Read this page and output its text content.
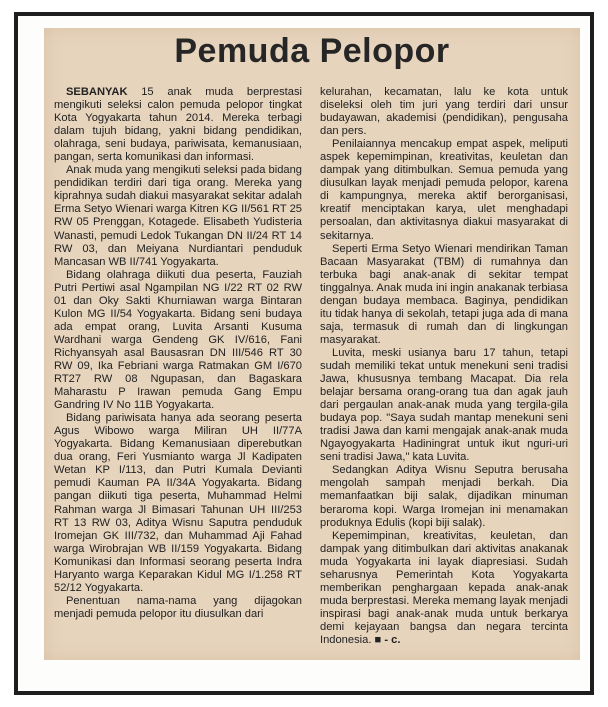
Pemuda Pelopor

SEBANYAK 15 anak muda berprestasi mengikuti seleksi calon pemuda pelopor tingkat Kota Yogyakarta tahun 2014. Mereka terbagi dalam tujuh bidang, yakni bidang pendidikan, olahraga, seni budaya, pariwisata, kemanusiaan, pangan, serta komunikasi dan informasi.

Anak muda yang mengikuti seleksi pada bidang pendidikan terdiri dari tiga orang. Mereka yang kiprahnya sudah diakui masyarakat sekitar adalah Erma Setyo Wienari warga Kitren KG II/561 RT 25 RW 05 Prenggan, Kotagede. Elisabeth Yudisteria Wanasti, pemudi Ledok Tukangan DN II/24 RT 14 RW 03, dan Meiyana Nurdiantari penduduk Mancasan WB II/741 Yogyakarta.

Bidang olahraga diikuti dua peserta, Fauziah Putri Pertiwi asal Ngampilan NG I/22 RT 02 RW 01 dan Oky Sakti Khurniawan warga Bintaran Kulon MG II/54 Yogyakarta. Bidang seni budaya ada empat orang, Luvita Arsanti Kusuma Wardhani warga Gendeng GK IV/616, Fani Richyansyah asal Bausasran DN III/546 RT 30 RW 09, Ika Febriani warga Ratmakan GM I/670 RT27 RW 08 Ngupasan, dan Bagaskara Maharastu P Irawan pemuda Gang Empu Gandring IV No 11B Yogyakarta.

Bidang pariwisata hanya ada seorang peserta Agus Wibowo warga Miliran UH II/77A Yogyakarta. Bidang Kemanusiaan diperebutkan dua orang, Feri Yusmianto warga Jl Kadipaten Wetan KP I/113, dan Putri Kumala Devianti pemudi Kauman PA II/34A Yogyakarta. Bidang pangan diikuti tiga peserta, Muhammad Helmi Rahman warga Jl Bimasari Tahunan UH III/253 RT 13 RW 03, Aditya Wisnu Saputra penduduk Iromejan GK III/732, dan Muhammad Aji Fahad warga Wirobrajan WB II/159 Yogyakarta. Bidang Komunikasi dan Informasi seorang peserta Indra Haryanto warga Keparakan Kidul MG I/1.258 RT 52/12 Yogyakarta.

Penentuan nama-nama yang dijagokan menjadi pemuda pelopor itu diusulkan dari

kelurahan, kecamatan, lalu ke kota untuk diseleksi oleh tim juri yang terdiri dari unsur budayawan, akademisi (pendidikan), pengusaha dan pers.

Penilaiannya mencakup empat aspek, meliputi aspek kepemimpinan, kreativitas, keuletan dan dampak yang ditimbulkan. Semua pemuda yang diusulkan layak menjadi pemuda pelopor, karena di kampungnya, mereka aktif berorganisasi, kreatif menciptakan karya, ulet menghadapi persoalan, dan aktivitasnya diakui masyarakat di sekitarnya.

Seperti Erma Setyo Wienari mendirikan Taman Bacaan Masyarakat (TBM) di rumahnya dan terbuka bagi anak-anak di sekitar tempat tinggalnya. Anak muda ini ingin anakanak terbiasa dengan budaya membaca. Baginya, pendidikan itu tidak hanya di sekolah, tetapi juga ada di mana saja, termasuk di rumah dan di lingkungan masyarakat.

Luvita, meski usianya baru 17 tahun, tetapi sudah memiliki tekat untuk menekuni seni tradisi Jawa, khususnya tembang Macapat. Dia rela belajar bersama orang-orang tua dan agak jauh dari pergaulan anak-anak muda yang tergila-gila budaya pop. "Saya sudah mantap menekuni seni tradisi Jawa dan kami mengajak anak-anak muda Ngayogyakarta Hadiningrat untuk ikut nguri-uri seni tradisi Jawa," kata Luvita.

Sedangkan Aditya Wisnu Seputra berusaha mengolah sampah menjadi berkah. Dia memanfaatkan biji salak, dijadikan minuman beraroma kopi. Warga Iromejan ini menamakan produknya Edulis (kopi biji salak).

Kepemimpinan, kreativitas, keuletan, dan dampak yang ditimbulkan dari aktivitas anakanak muda Yogyakarta ini layak diapresiasi. Sudah seharusnya Pemerintah Kota Yogyakarta memberikan penghargaan kepada anak-anak muda berprestasi. Mereka memang layak menjadi inspirasi bagi anak-anak muda untuk berkarya demi kejayaan bangsa dan negara tercinta Indonesia. ■ - c.
